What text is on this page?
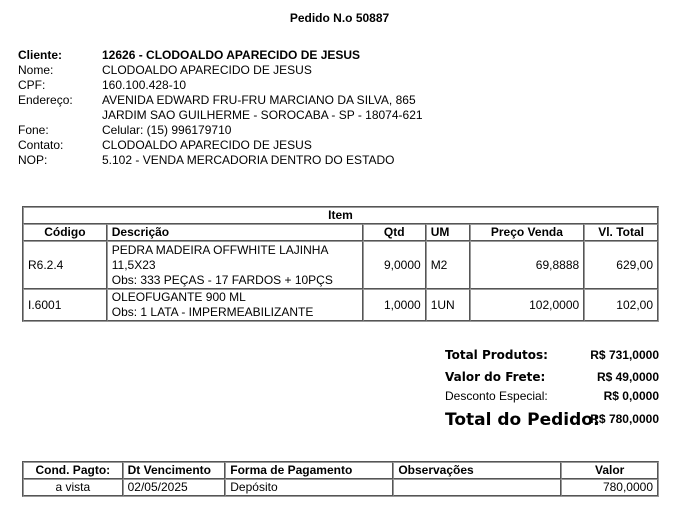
Pedido N.o 50887
Cliente:	12626 - CLODOALDO APARECIDO DE JESUS
Nome:	CLODOALDO APARECIDO DE JESUS
CPF:	160.100.428-10
Endereço:	AVENIDA EDWARD FRU-FRU MARCIANO DA SILVA, 865
JARDIM SAO GUILHERME - SOROCABA - SP - 18074-621
Fone:	Celular: (15) 996179710
Contato:	CLODOALDO APARECIDO DE JESUS
NOP:	5.102 - VENDA MERCADORIA DENTRO DO ESTADO
Item					
Código	Descrição	Qtd	UM	Preço Venda	Vl. Total
R6.2.4	PEDRA MADEIRA OFFWHITE LAJINHA
11,5X23
Obs: 333 PEÇAS - 17 FARDOS + 10PÇS	9,0000	M2	69,8888	629,00
I.6001	OLEOFUGANTE 900 ML
Obs: 1 LATA - IMPERMEABILIZANTE	1,0000	1UN	102,0000	102,00
Total Produtos:	R$ 731,0000
Valor do Frete:	R$ 49,0000
Desconto Especial:	R$ 0,0000
Total do Pedido:
R$ 780,0000
Cond. Pagto:	Dt Vencimento	Forma de Pagamento	Observações	Valor
a vista	02/05/2025	Depósito		780,0000
